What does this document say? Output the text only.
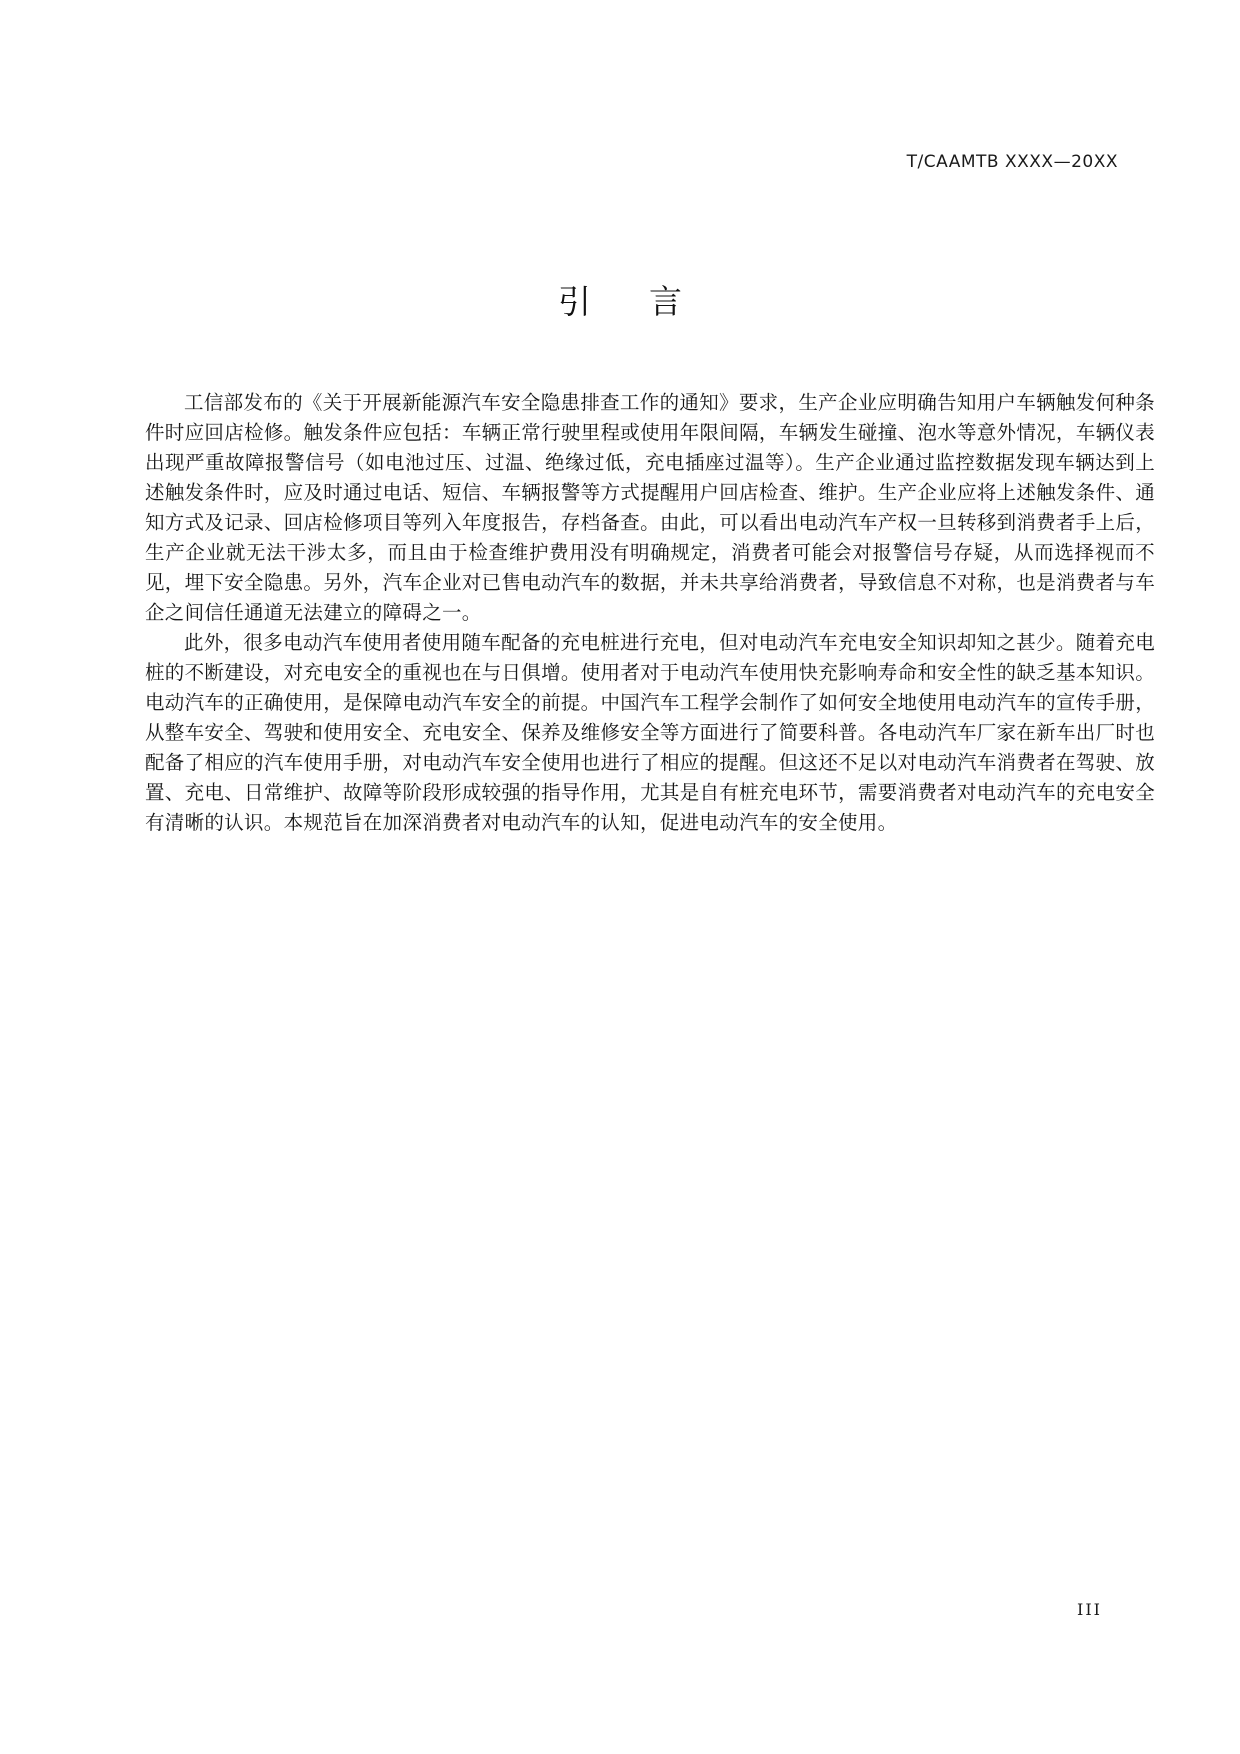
T/CAAMTB XXXX—20XX
引言

工信部发布的《关于开展新能源汽车安全隐患排查工作的通知》要求，生产企业应明确告知用户车辆触发何种条件时应回店检修。触发条件应包括：车辆正常行驶里程或使用年限间隔，车辆发生碰撞、泡水等意外情况，车辆仪表出现严重故障报警信号（如电池过压、过温、绝缘过低，充电插座过温等）。生产企业通过监控数据发现车辆达到上述触发条件时，应及时通过电话、短信、车辆报警等方式提醒用户回店检查、维护。生产企业应将上述触发条件、通知方式及记录、回店检修项目等列入年度报告，存档备查。由此，可以看出电动汽车产权一旦转移到消费者手上后，生产企业就无法干涉太多，而且由于检查维护费用没有明确规定，消费者可能会对报警信号存疑，从而选择视而不见，埋下安全隐患。另外，汽车企业对已售电动汽车的数据，并未共享给消费者，导致信息不对称，也是消费者与车企之间信任通道无法建立的障碍之一。

此外，很多电动汽车使用者使用随车配备的充电桩进行充电，但对电动汽车充电安全知识却知之甚少。随着充电桩的不断建设，对充电安全的重视也在与日俱增。使用者对于电动汽车使用快充影响寿命和安全性的缺乏基本知识。电动汽车的正确使用，是保障电动汽车安全的前提。中国汽车工程学会制作了如何安全地使用电动汽车的宣传手册，从整车安全、驾驶和使用安全、充电安全、保养及维修安全等方面进行了简要科普。各电动汽车厂家在新车出厂时也配备了相应的汽车使用手册，对电动汽车安全使用也进行了相应的提醒。但这还不足以对电动汽车消费者在驾驶、放置、充电、日常维护、故障等阶段形成较强的指导作用，尤其是自有桩充电环节，需要消费者对电动汽车的充电安全有清晰的认识。本规范旨在加深消费者对电动汽车的认知，促进电动汽车的安全使用。

III
